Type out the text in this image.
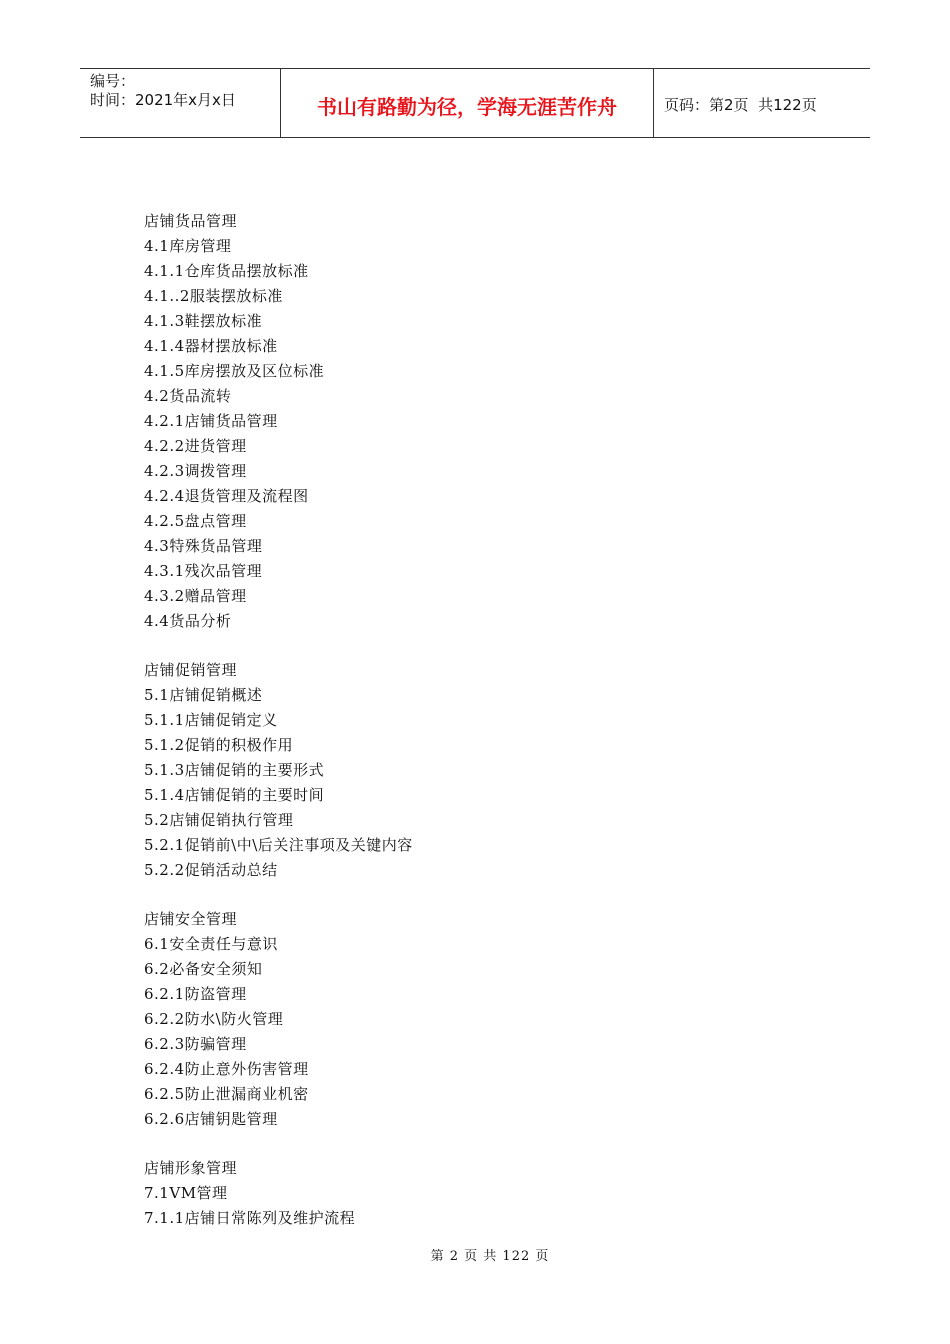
编号：
时间：2021年x月x日	书山有路勤为径，学海无涯苦作舟	页码：第2页  共122页
店铺货品管理
4.1库房管理
4.1.1仓库货品摆放标准
4.1..2服装摆放标准
4.1.3鞋摆放标准
4.1.4器材摆放标准
4.1.5库房摆放及区位标准
4.2货品流转
4.2.1店铺货品管理
4.2.2进货管理
4.2.3调拨管理
4.2.4退货管理及流程图
4.2.5盘点管理
4.3特殊货品管理
4.3.1残次品管理
4.3.2赠品管理
4.4货品分析
店铺促销管理
5.1店铺促销概述
5.1.1店铺促销定义
5.1.2促销的积极作用
5.1.3店铺促销的主要形式
5.1.4店铺促销的主要时间
5.2店铺促销执行管理
5.2.1促销前\中\后关注事项及关键内容
5.2.2促销活动总结
店铺安全管理
6.1安全责任与意识
6.2必备安全须知
6.2.1防盗管理
6.2.2防水\防火管理
6.2.3防骗管理
6.2.4防止意外伤害管理
6.2.5防止泄漏商业机密
6.2.6店铺钥匙管理
店铺形象管理
7.1VM管理
7.1.1店铺日常陈列及维护流程
第 2 页 共 122 页
